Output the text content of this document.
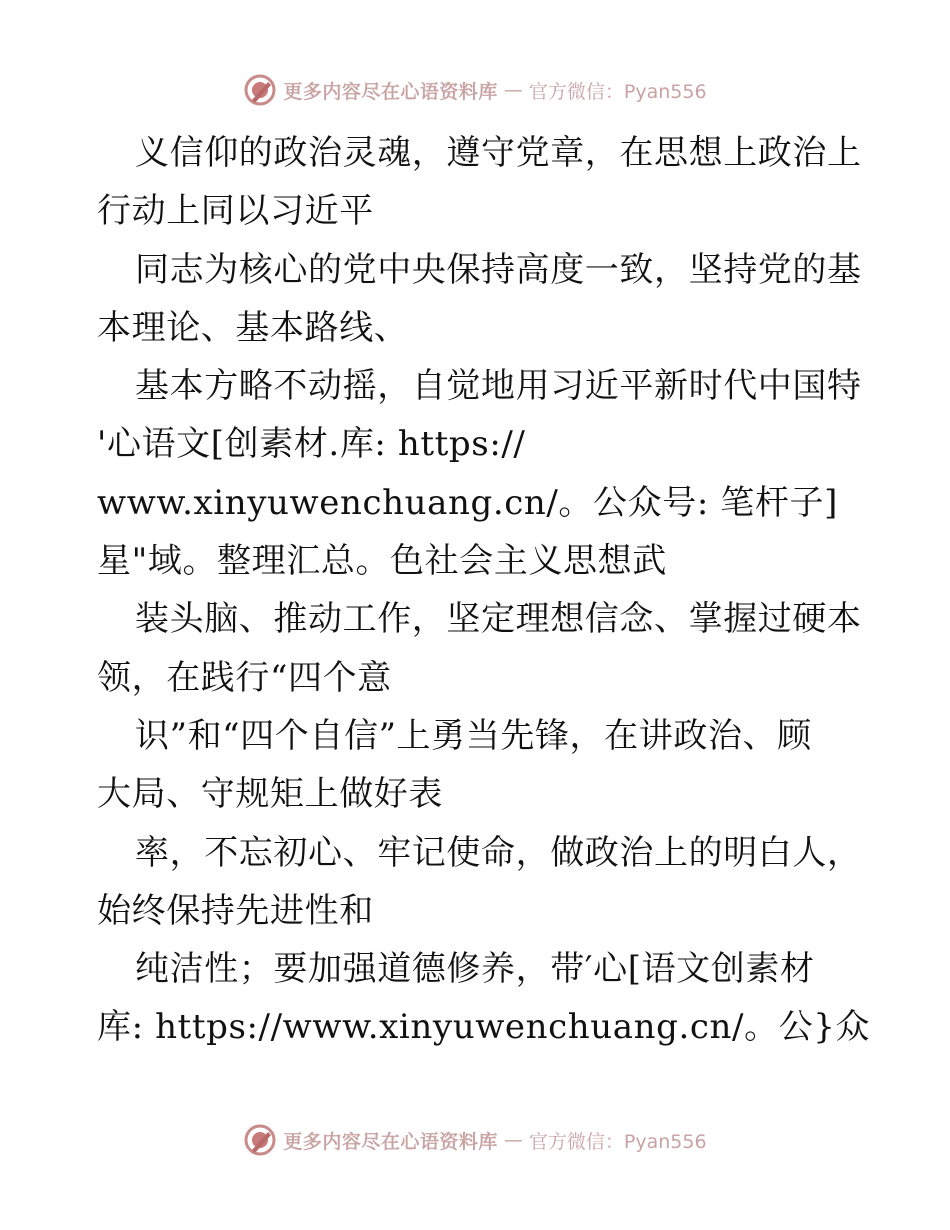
更多内容尽在心语资料库 — 官方微信：Pyan556
义信仰的政治灵魂，遵守党章，在思想上政治上
行动上同以习近平
同志为核心的党中央保持高度一致，坚持党的基
本理论、基本路线、
基本方略不动摇，自觉地用习近平新时代中国特
'心语文[创素材.库: https://
www.xinyuwenchuang.cn/。公众号: 笔杆子]
星"域。整理汇总。色社会主义思想武
装头脑、推动工作，坚定理想信念、掌握过硬本
领，在践行“四个意
识”和“四个自信”上勇当先锋，在讲政治、顾
大局、守规矩上做好表
率，不忘初心、牢记使命，做政治上的明白人，
始终保持先进性和
纯洁性；要加强道德修养，带′心[语文创素材
库: https://www.xinyuwenchuang.cn/。公}众
更多内容尽在心语资料库 — 官方微信：Pyan556
